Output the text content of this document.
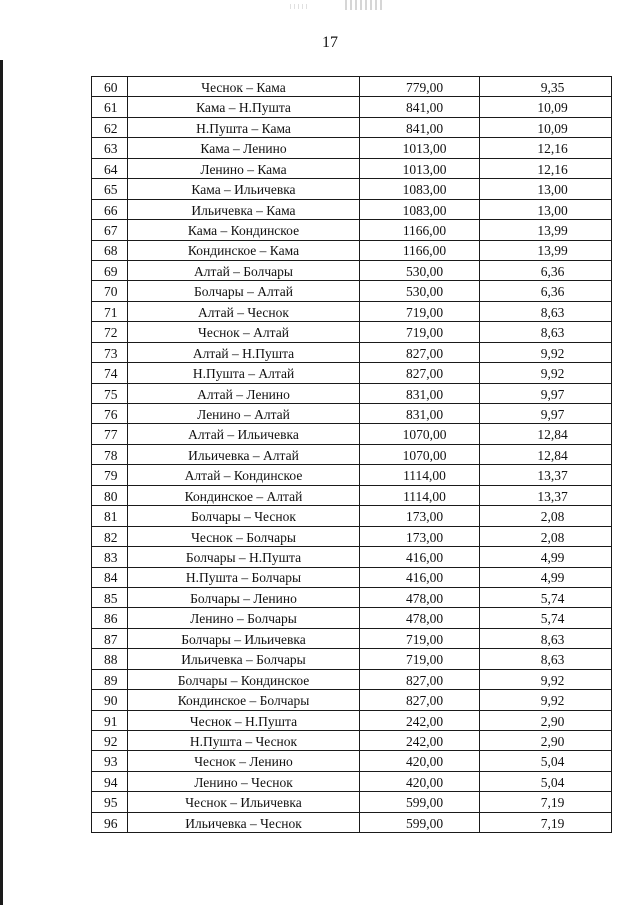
17
60	Чеснок – Кама	779,00	9,35
61	Кама – Н.Пушта	841,00	10,09
62	Н.Пушта – Кама	841,00	10,09
63	Кама – Ленино	1013,00	12,16
64	Ленино – Кама	1013,00	12,16
65	Кама – Ильичевка	1083,00	13,00
66	Ильичевка – Кама	1083,00	13,00
67	Кама – Кондинское	1166,00	13,99
68	Кондинское – Кама	1166,00	13,99
69	Алтай – Болчары	530,00	6,36
70	Болчары – Алтай	530,00	6,36
71	Алтай – Чеснок	719,00	8,63
72	Чеснок – Алтай	719,00	8,63
73	Алтай – Н.Пушта	827,00	9,92
74	Н.Пушта – Алтай	827,00	9,92
75	Алтай – Ленино	831,00	9,97
76	Ленино – Алтай	831,00	9,97
77	Алтай – Ильичевка	1070,00	12,84
78	Ильичевка – Алтай	1070,00	12,84
79	Алтай – Кондинское	1114,00	13,37
80	Кондинское – Алтай	1114,00	13,37
81	Болчары – Чеснок	173,00	2,08
82	Чеснок – Болчары	173,00	2,08
83	Болчары – Н.Пушта	416,00	4,99
84	Н.Пушта – Болчары	416,00	4,99
85	Болчары – Ленино	478,00	5,74
86	Ленино – Болчары	478,00	5,74
87	Болчары – Ильичевка	719,00	8,63
88	Ильичевка – Болчары	719,00	8,63
89	Болчары – Кондинское	827,00	9,92
90	Кондинское – Болчары	827,00	9,92
91	Чеснок – Н.Пушта	242,00	2,90
92	Н.Пушта – Чеснок	242,00	2,90
93	Чеснок – Ленино	420,00	5,04
94	Ленино – Чеснок	420,00	5,04
95	Чеснок – Ильичевка	599,00	7,19
96	Ильичевка – Чеснок	599,00	7,19
